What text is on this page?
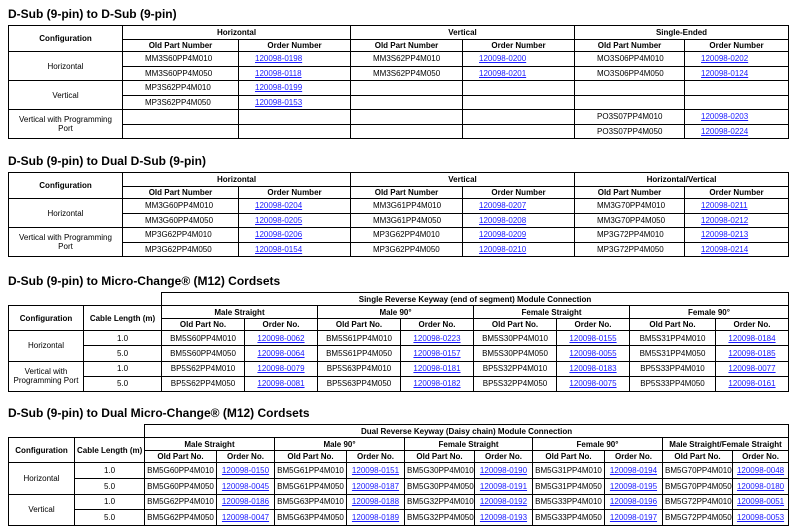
D-Sub (9-pin) to D-Sub (9-pin)
Configuration	Horizontal		Vertical		Single-Ended	
	Old Part Number	Order Number	Old Part Number	Order Number	Old Part Number	Order Number
Horizontal	MM3S60PP4M010	120098-0198	MM3S62PP4M010	120098-0200	MO3S06PP4M010	120098-0202
	MM3S60PP4M050	120098-0118	MM3S62PP4M050	120098-0201	MO3S06PP4M050	120098-0124
Vertical	MP3S62PP4M010	120098-0199				
	MP3S62PP4M050	120098-0153				
Vertical with Programming Port					PO3S07PP4M010	120098-0203
					PO3S07PP4M050	120098-0224
D-Sub (9-pin) to Dual D-Sub (9-pin)
Configuration	Horizontal		Vertical		Horizontal/Vertical	
	Old Part Number	Order Number	Old Part Number	Order Number	Old Part Number	Order Number
Horizontal	MM3G60PP4M010	120098-0204	MM3G61PP4M010	120098-0207	MM3G70PP4M010	120098-0211
	MM3G60PP4M050	120098-0205	MM3G61PP4M050	120098-0208	MM3G70PP4M050	120098-0212
Vertical with Programming Port	MP3G62PP4M010	120098-0206	MP3G62PP4M010	120098-0209	MP3G72PP4M010	120098-0213
	MP3G62PP4M050	120098-0154	MP3G62PP4M050	120098-0210	MP3G72PP4M050	120098-0214
D-Sub (9-pin) to Micro-Change® (M12) Cordsets
		Single Reverse Keyway (end of segment) Module Connection							
Configuration	Cable Length (m)	Male Straight		Male 90°		Female Straight		Female 90°	
		Old Part No.	Order No.	Old Part No.	Order No.	Old Part No.	Order No.	Old Part No.	Order No.
Horizontal	1.0	BM5S60PP4M010	120098-0062	BM5S61PP4M010	120098-0223	BM5S30PP4M010	120098-0155	BM5S31PP4M010	120098-0184
	5.0	BM5S60PP4M050	120098-0064	BM5S61PP4M050	120098-0157	BM5S30PP4M050	120098-0055	BM5S31PP4M050	120098-0185
Vertical with Programming Port	1.0	BP5S62PP4M010	120098-0079	BP5S63PP4M010	120098-0181	BP5S32PP4M010	120098-0183	BP5S33PP4M010	120098-0077
	5.0	BP5S62PP4M050	120098-0081	BP5S63PP4M050	120098-0182	BP5S32PP4M050	120098-0075	BP5S33PP4M050	120098-0161
D-Sub (9-pin) to Dual Micro-Change® (M12) Cordsets
		Dual Reverse Keyway (Daisy chain) Module Connection									
Configuration	Cable Length (m)	Male Straight		Male 90°		Female Straight		Female 90°		Male Straight/Female Straight	
		Old Part No.	Order No.	Old Part No.	Order No.	Old Part No.	Order No.	Old Part No.	Order No.	Old Part No.	Order No.
Horizontal	1.0	BM5G60PP4M010	120098-0150	BM5G61PP4M010	120098-0151	BM5G30PP4M010	120098-0190	BM5G31PP4M010	120098-0194	BM5G70PP4M010	120098-0048
	5.0	BM5G60PP4M050	120098-0045	BM5G61PP4M050	120098-0187	BM5G30PP4M050	120098-0191	BM5G31PP4M050	120098-0195	BM5G70PP4M050	120098-0180
Vertical	1.0	BM5G62PP4M010	120098-0186	BM5G63PP4M010	120098-0188	BM5G32PP4M010	120098-0192	BM5G33PP4M010	120098-0196	BM5G72PP4M010	120098-0051
	5.0	BM5G62PP4M050	120098-0047	BM5G63PP4M050	120098-0189	BM5G32PP4M050	120098-0193	BM5G33PP4M050	120098-0197	BM5G72PP4M050	120098-0053
